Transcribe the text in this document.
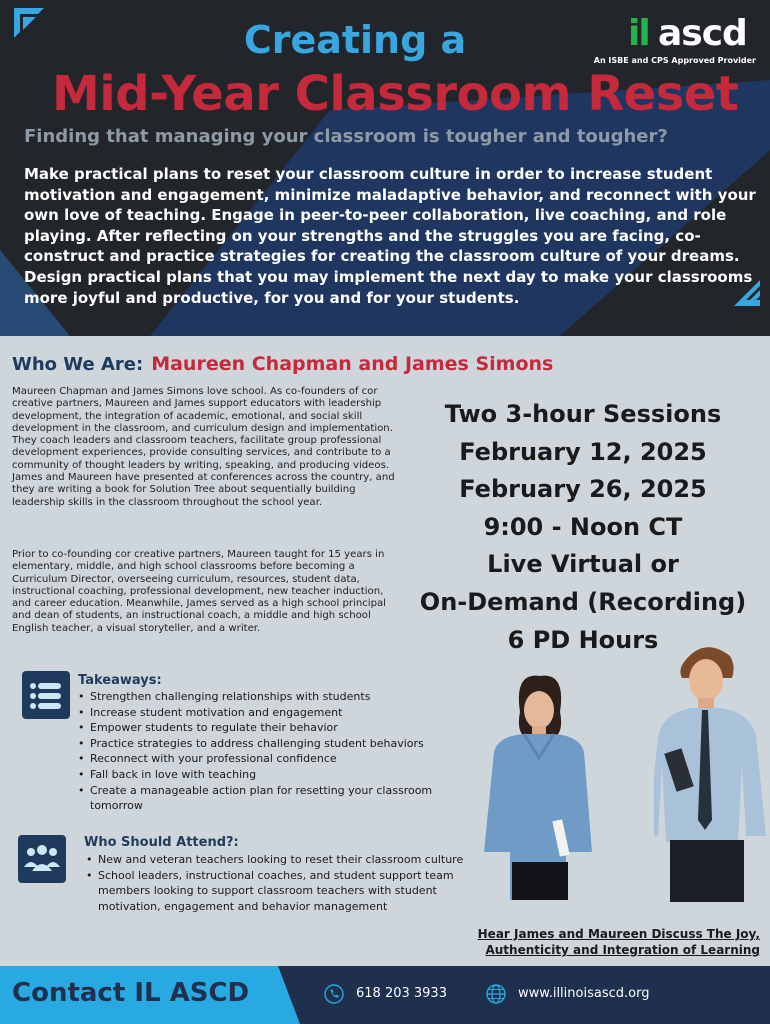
Creating a
Mid-Year Classroom Reset
il ascd
An ISBE and CPS Approved Provider
Finding that managing your classroom is tougher and tougher?

Make practical plans to reset your classroom culture in order to increase student motivation and engagement, minimize maladaptive behavior, and reconnect with your own love of teaching. Engage in peer-to-peer collaboration, live coaching, and role playing. After reflecting on your strengths and the struggles you are facing, co-construct and practice strategies for creating the classroom culture of your dreams. Design practical plans that you may implement the next day to make your classrooms more joyful and productive, for you and for your students.

Who We Are: Maureen Chapman and James Simons

Maureen Chapman and James Simons love school. As co-founders of cor creative partners, Maureen and James support educators with leadership development, the integration of academic, emotional, and social skill development in the classroom, and curriculum design and implementation. They coach leaders and classroom teachers, facilitate group professional development experiences, provide consulting services, and contribute to a community of thought leaders by writing, speaking, and producing videos. James and Maureen have presented at conferences across the country, and they are writing a book for Solution Tree about sequentially building leadership skills in the classroom throughout the school year.

Prior to co-founding cor creative partners, Maureen taught for 15 years in elementary, middle, and high school classrooms before becoming a Curriculum Director, overseeing curriculum, resources, student data, instructional coaching, professional development, new teacher induction, and career education. Meanwhile, James served as a high school principal and dean of students, an instructional coach, a middle and high school English teacher, a visual storyteller, and a writer.

Two 3-hour Sessions
February 12, 2025
February 26, 2025
9:00 - Noon CT
Live Virtual or
On-Demand (Recording)
6 PD Hours
Takeaways:
• Strengthen challenging relationships with students
• Increase student motivation and engagement
• Empower students to regulate their behavior
• Practice strategies to address challenging student behaviors
• Reconnect with your professional confidence
• Fall back in love with teaching
• Create a manageable action plan for resetting your classroom tomorrow
Who Should Attend?:
• New and veteran teachers looking to reset their classroom culture
• School leaders, instructional coaches, and student support team members looking to support classroom teachers with student motivation, engagement and behavior management

Hear James and Maureen Discuss The Joy, Authenticity and Integration of Learning

Contact IL ASCD	618 203 3933	www.illinoisascd.org
